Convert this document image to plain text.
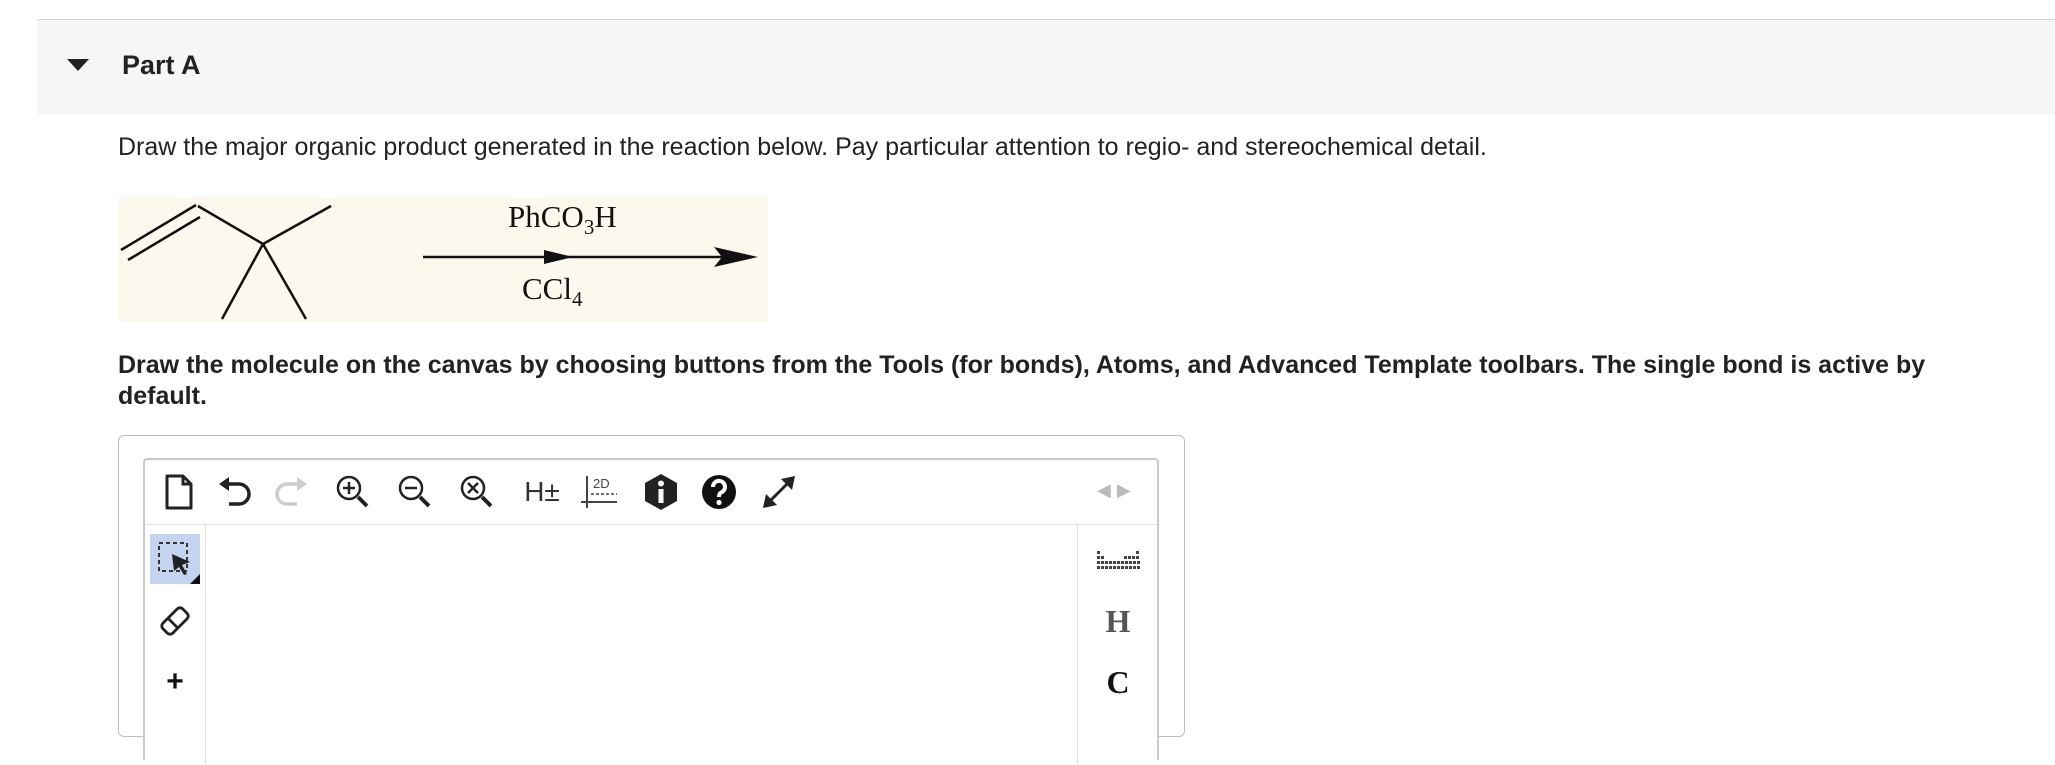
Part A
Draw the major organic product generated in the reaction below. Pay particular attention to regio- and stereochemical detail.
PhCO$_3$H
CCl$_4$
Draw the molecule on the canvas by choosing buttons from the Tools (for bonds), Atoms, and Advanced Template toolbars. The single bond is active by default.
H±	2D	◀▶
+
H
C
